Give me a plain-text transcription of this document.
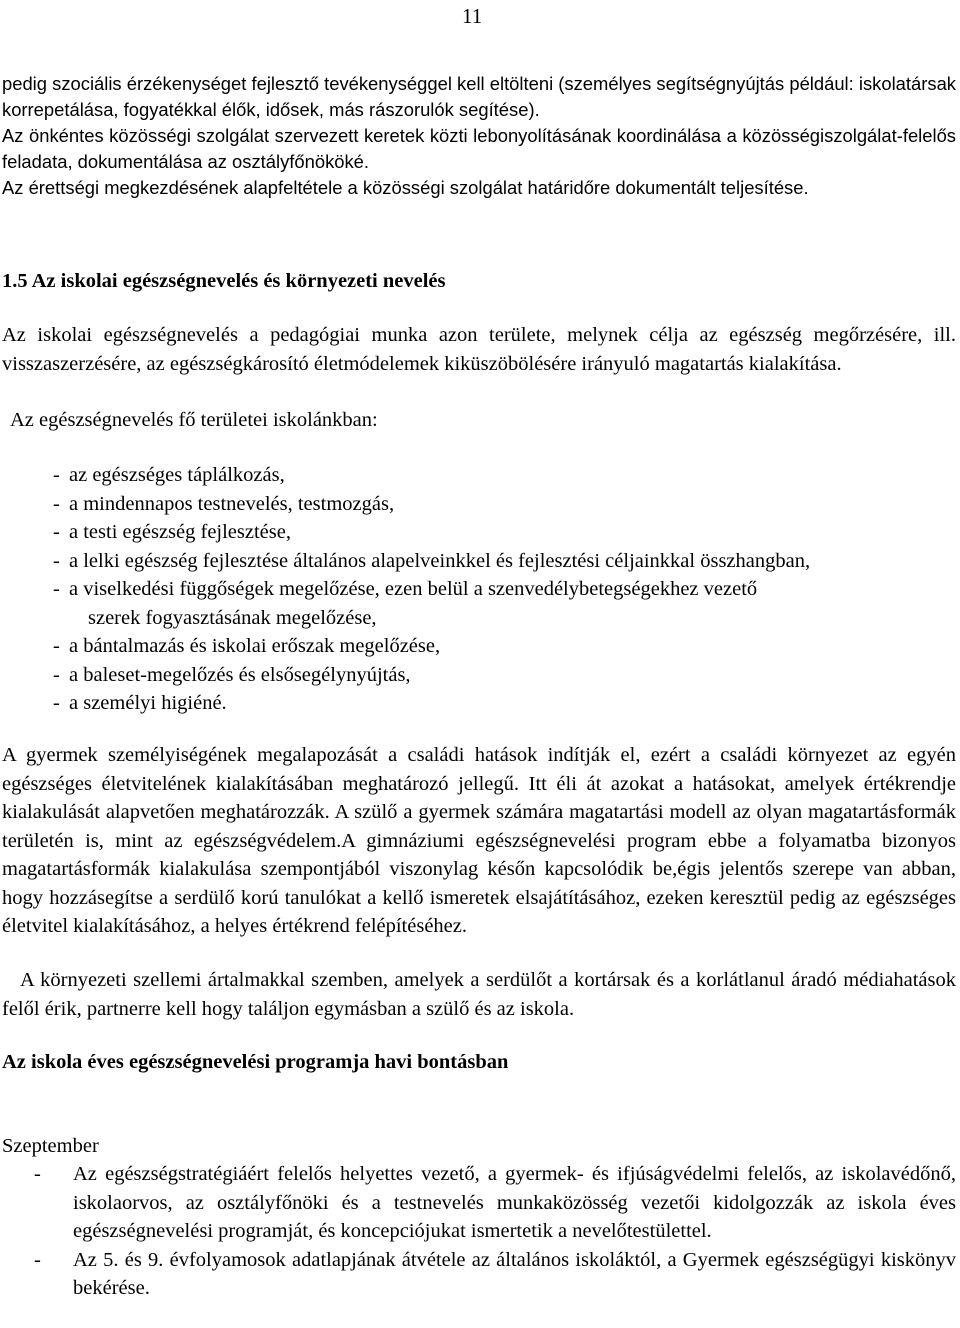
11

pedig szociális érzékenységet fejlesztő tevékenységgel kell eltölteni (személyes segítségnyújtás például: iskolatársak korrepetálása, fogyatékkal élők, idősek, más rászorulók segítése).

Az önkéntes közösségi szolgálat szervezett keretek közti lebonyolításának koordinálása a közösségiszolgálat-felelős feladata, dokumentálása az osztályfőnököké.

Az érettségi megkezdésének alapfeltétele a közösségi szolgálat határidőre dokumentált teljesítése.

1.5 Az iskolai egészségnevelés és környezeti nevelés

Az iskolai egészségnevelés a pedagógiai munka azon területe, melynek célja az egészség megőrzésére, ill. visszaszerzésére, az egészségkárosító életmódelemek kiküszöbölésére irányuló magatartás kialakítása.

Az egészségnevelés fő területei iskolánkban:

- az egészséges táplálkozás,
- a mindennapos testnevelés, testmozgás,
- a testi egészség fejlesztése,
- a lelki egészség fejlesztése általános alapelveinkkel és fejlesztési céljainkkal összhangban,
- a viselkedési függőségek megelőzése, ezen belül a szenvedélybetegségekhez vezető
szerek fogyasztásának megelőzése,
- a bántalmazás és iskolai erőszak megelőzése,
- a baleset-megelőzés és elsősegélynyújtás,
- a személyi higiéné.

A gyermek személyiségének megalapozását a családi hatások indítják el, ezért a családi környezet az egyén egészséges életvitelének kialakításában meghatározó jellegű. Itt éli át azokat a hatásokat, amelyek értékrendje kialakulását alapvetően meghatározzák. A szülő a gyermek számára magatartási modell az olyan magatartásformák területén is, mint az egészségvédelem.A gimnáziumi egészségnevelési program ebbe a folyamatba bizonyos magatartásformák kialakulása szempontjából viszonylag későn kapcsolódik be,égis jelentős szerepe van abban, hogy hozzásegítse a serdülő korú tanulókat a kellő ismeretek elsajátításához, ezeken keresztül pedig az egészséges életvitel kialakításához, a helyes értékrend felépítéséhez.

A környezeti szellemi ártalmakkal szemben, amelyek a serdülőt a kortársak és a korlátlanul áradó médiahatások felől érik, partnerre kell hogy találjon egymásban a szülő és az iskola.

Az iskola éves egészségnevelési programja havi bontásban

Szeptember

- Az egészségstratégiáért felelős helyettes vezető, a gyermek- és ifjúságvédelmi felelős, az iskolavédőnő, iskolaorvos, az osztályfőnöki és a testnevelés munkaközösség vezetői kidolgozzák az iskola éves egészségnevelési programját, és koncepciójukat ismertetik a nevelőtestülettel.
- Az 5. és 9. évfolyamosok adatlapjának átvétele az általános iskoláktól, a Gyermek egészségügyi kiskönyv bekérése.
